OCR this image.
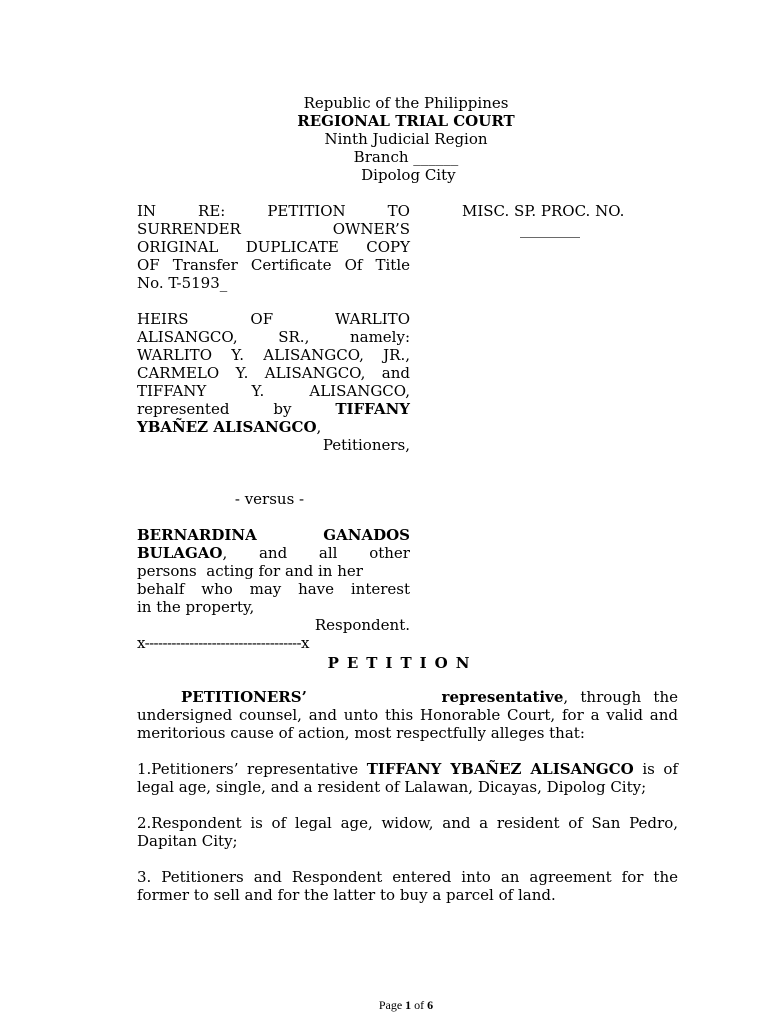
Republic of the Philippines
REGIONAL TRIAL COURT
Ninth Judicial Region
Branch ______
Dipolog City
IN	RE:	PETITION	TO
SURRENDER	OWNER’S
ORIGINAL DUPLICATE COPY
OF Transfer Certificate Of Title
No. T-5193_
HEIRS	OF	WARLITO
ALISANGCO,	SR.,	namely:
WARLITO Y. ALISANGCO, JR.,
CARMELO Y. ALISANGCO, and
TIFFANY	Y.	ALISANGCO,
represented	by	TIFFANY
YBAÑEZ ALISANGCO,
Petitioners,
- versus -
BERNARDINA	GANADOS
BULAGAO, and all other
persons  acting for and in her
behalf who may have interest
in the property,
Respondent.
x-----------------------------------x
MISC. SP. PROC. NO.
________
PETITION

PETITIONERS’	representative, through the undersigned counsel, and unto this Honorable Court, for a valid and meritorious cause of action, most respectfully alleges that:

1.Petitioners’ representative TIFFANY YBAÑEZ ALISANGCO is of legal age, single, and a resident of Lalawan, Dicayas, Dipolog City;

2.Respondent is of legal age, widow, and a resident of San Pedro, Dapitan City;

3. Petitioners and Respondent entered into an agreement for the former to sell and for the latter to buy a parcel of land.

Page 1 of 6
